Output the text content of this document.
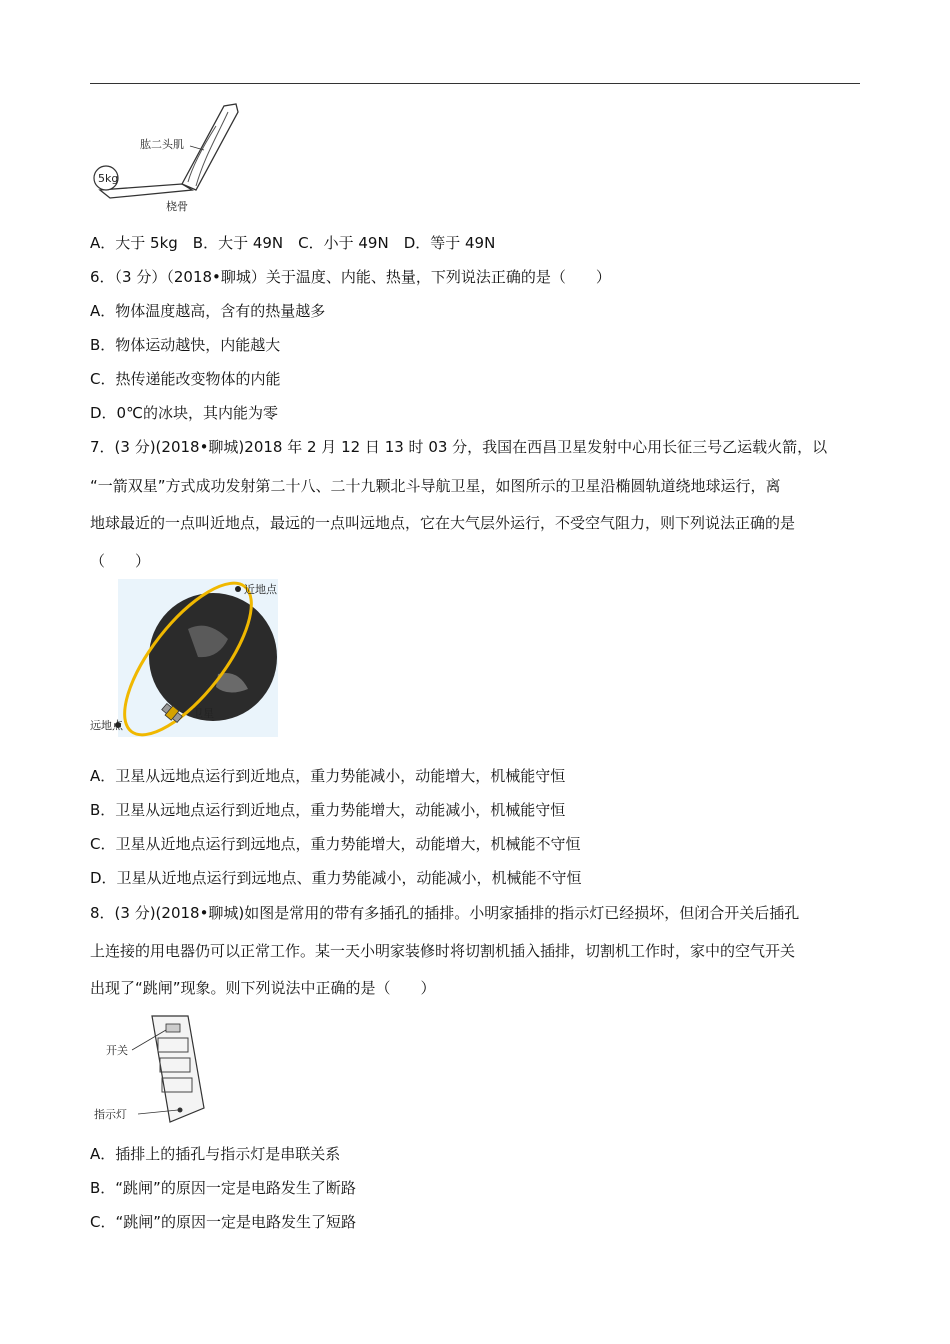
5kg
肱二头肌
桡骨
A．大于 5kg　B．大于 49N　C．小于 49N　D．等于 49N
6．（3 分）（2018•聊城）关于温度、内能、热量，下列说法正确的是（　　）
A．物体温度越高，含有的热量越多
B．物体运动越快，内能越大
C．热传递能改变物体的内能
D．0℃的冰块，其内能为零
7．(3 分)(2018•聊城)2018 年 2 月 12 日 13 时 03 分，我国在西昌卫星发射中心用长征三号乙运载火箭，以
“一箭双星”方式成功发射第二十八、二十九颗北斗导航卫星，如图所示的卫星沿椭圆轨道绕地球运行，离
地球最近的一点叫近地点，最远的一点叫远地点，它在大气层外运行，不受空气阻力，则下列说法正确的是
（　　）
近地点
远地点
卫星
A．卫星从远地点运行到近地点，重力势能减小，动能增大，机械能守恒
B．卫星从远地点运行到近地点，重力势能增大，动能减小，机械能守恒
C．卫星从近地点运行到远地点，重力势能增大，动能增大，机械能不守恒
D．卫星从近地点运行到远地点、重力势能减小，动能减小，机械能不守恒
8．(3 分)(2018•聊城)如图是常用的带有多插孔的插排。小明家插排的指示灯已经损坏，但闭合开关后插孔
上连接的用电器仍可以正常工作。某一天小明家装修时将切割机插入插排，切割机工作时，家中的空气开关
出现了“跳闸”现象。则下列说法中正确的是（　　）
开关
指示灯
A．插排上的插孔与指示灯是串联关系
B．“跳闸”的原因一定是电路发生了断路
C．“跳闸”的原因一定是电路发生了短路
